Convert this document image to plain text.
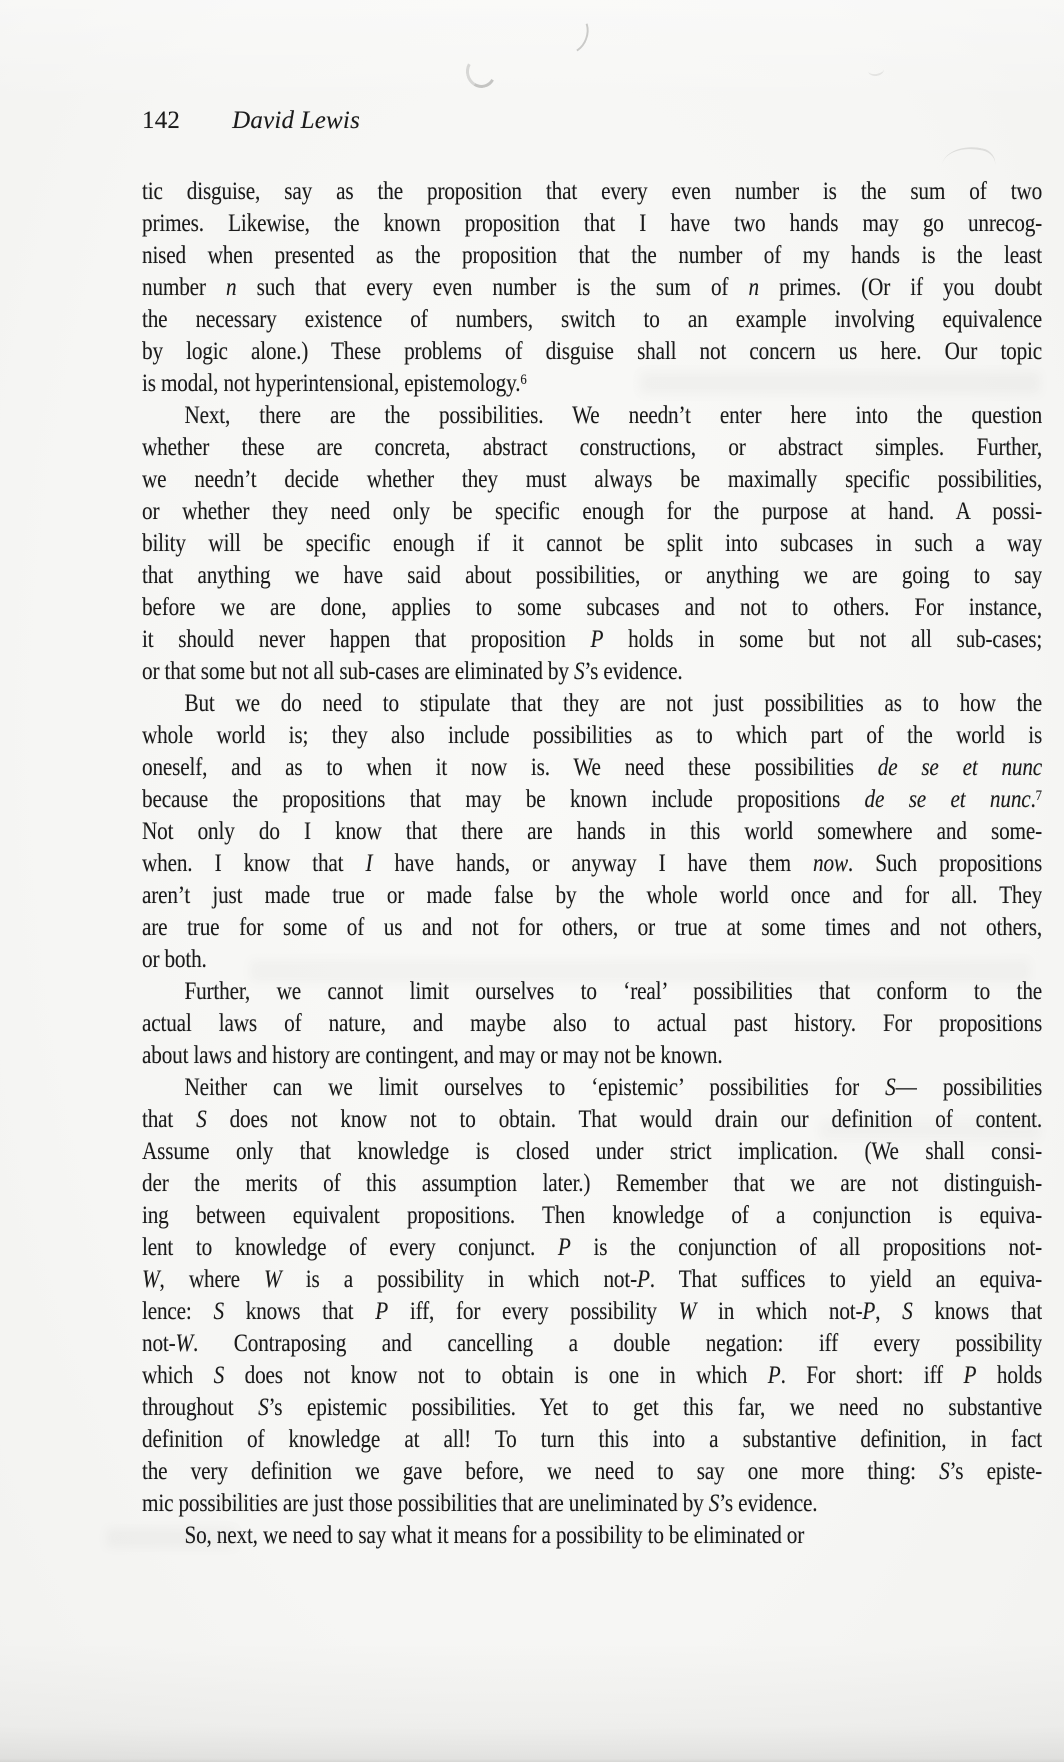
142 David Lewis
tic disguise, say as the proposition that every even number is the sum of two
primes. Likewise, the known proposition that I have two hands may go unrecog-
nised when presented as the proposition that the number of my hands is the least
number n such that every even number is the sum of n primes. (Or if you doubt
the necessary existence of numbers, switch to an example involving equivalence
by logic alone.) These problems of disguise shall not concern us here. Our topic
is modal, not hyperintensional, epistemology.$^6$
Next, there are the possibilities. We needn’t enter here into the question
whether these are concreta, abstract constructions, or abstract simples. Further,
we needn’t decide whether they must always be maximally specific possibilities,
or whether they need only be specific enough for the purpose at hand. A possi-
bility will be specific enough if it cannot be split into subcases in such a way
that anything we have said about possibilities, or anything we are going to say
before we are done, applies to some subcases and not to others. For instance,
it should never happen that proposition P holds in some but not all sub-cases;
or that some but not all sub-cases are eliminated by S’s evidence.
But we do need to stipulate that they are not just possibilities as to how the
whole world is; they also include possibilities as to which part of the world is
oneself, and as to when it now is. We need these possibilities de se et nunc
because the propositions that may be known include propositions de se et nunc.$^7$
Not only do I know that there are hands in this world somewhere and some-
when. I know that I have hands, or anyway I have them now. Such propositions
aren’t just made true or made false by the whole world once and for all. They
are true for some of us and not for others, or true at some times and not others,
or both.
Further, we cannot limit ourselves to ‘real’ possibilities that conform to the
actual laws of nature, and maybe also to actual past history. For propositions
about laws and history are contingent, and may or may not be known.
Neither can we limit ourselves to ‘epistemic’ possibilities for S— possibilities
that S does not know not to obtain. That would drain our definition of content.
Assume only that knowledge is closed under strict implication. (We shall consi-
der the merits of this assumption later.) Remember that we are not distinguish-
ing between equivalent propositions. Then knowledge of a conjunction is equiva-
lent to knowledge of every conjunct. P is the conjunction of all propositions not-
W, where W is a possibility in which not-P. That suffices to yield an equiva-
lence: S knows that P iff, for every possibility W in which not-P, S knows that
not-W. Contraposing and cancelling a double negation: iff every possibility
which S does not know not to obtain is one in which P. For short: iff P holds
throughout S’s epistemic possibilities. Yet to get this far, we need no substantive
definition of knowledge at all! To turn this into a substantive definition, in fact
the very definition we gave before, we need to say one more thing: S’s episte-
mic possibilities are just those possibilities that are uneliminated by S’s evidence.
So, next, we need to say what it means for a possibility to be eliminated or
